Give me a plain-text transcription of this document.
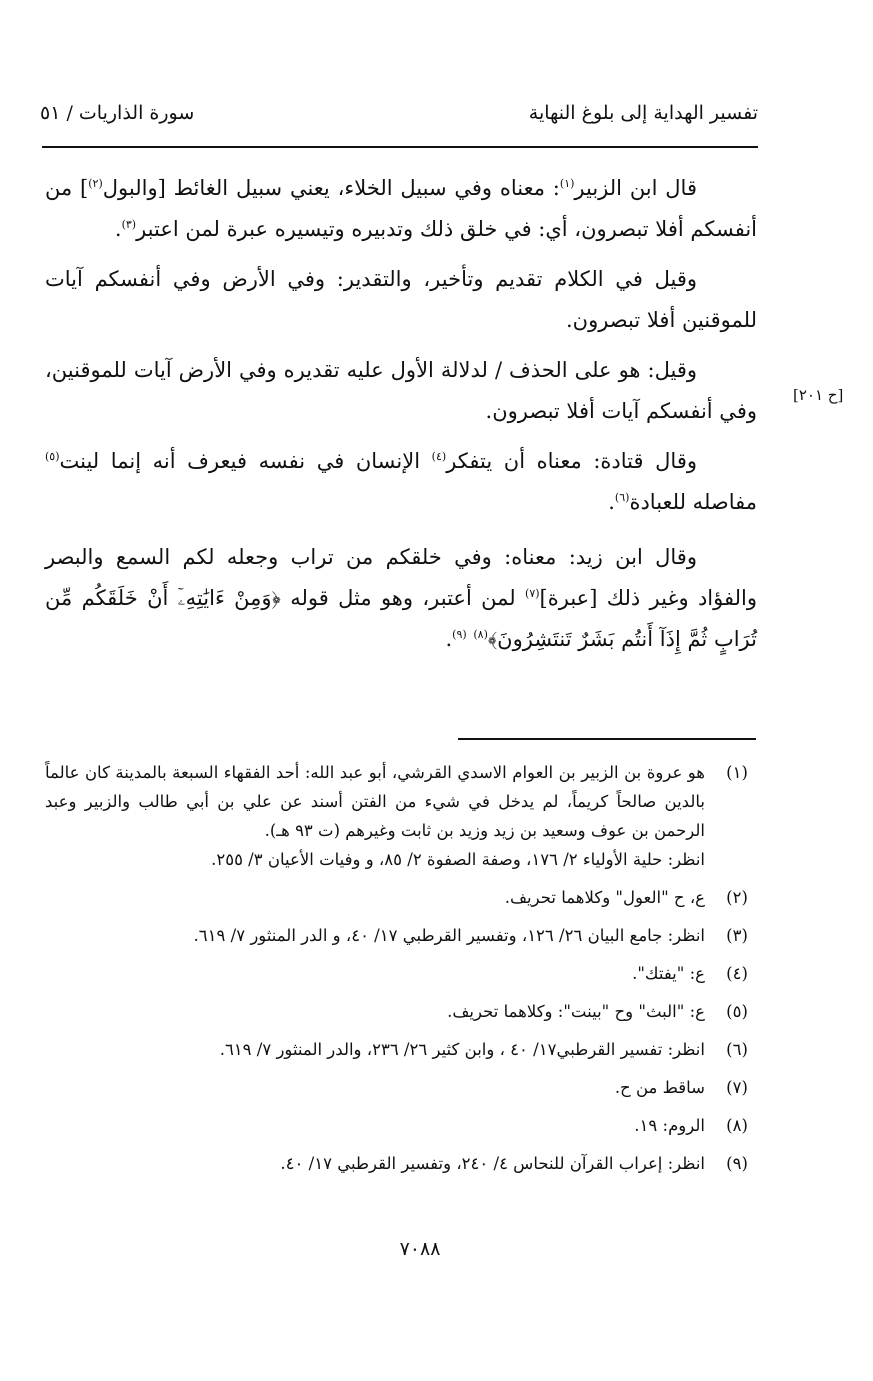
تفسير الهداية إلى بلوغ النهاية
سورة الذاريات / ٥١
[ح ٢٠١]

قال ابن الزبير$^{(١)}$: معناه وفي سبيل الخلاء، يعني سبيل الغائط [والبول$^{(٢)}$] من أنفسكم أفلا تبصرون، أي: في خلق ذلك وتدبيره وتيسيره عبرة لمن اعتبر$^{(٣)}$.

وقيل في الكلام تقديم وتأخير، والتقدير: وفي الأرض وفي أنفسكم آيات للموقنين أفلا تبصرون.

وقيل: هو على الحذف / لدلالة الأول عليه تقديره وفي الأرض آيات للموقنين، وفي أنفسكم آيات أفلا تبصرون.

وقال قتادة: معناه أن يتفكر$^{(٤)}$ الإنسان في نفسه فيعرف أنه إنما لينت$^{(٥)}$ مفاصله للعبادة$^{(٦)}$.

وقال ابن زيد: معناه: وفي خلقكم من تراب وجعله لكم السمع والبصر والفؤاد وغير ذلك [عبرة]$^{(٧)}$ لمن أعتبر، وهو مثل قوله ﴿وَمِنْ ءَايَٰتِهِۦٓ أَنْ خَلَقَكُم مِّن تُرَابٍ ثُمَّ إِذَآ أَنتُم بَشَرٌ تَنتَشِرُونَ﴾$^{(٨)}$ $^{(٩)}$.

(١)
هو عروة بن الزبير بن العوام الاسدي القرشي، أبو عبد الله: أحد الفقهاء السبعة بالمدينة كان عالماً بالدين صالحاً كريماً، لم يدخل في شيء من الفتن أسند عن علي بن أبي طالب والزبير وعبد الرحمن بن عوف وسعيد بن زيد وزيد بن ثابت وغيرهم (ت ٩٣ هـ).
انظر: حلية الأولياء ٢/ ١٧٦، وصفة الصفوة ٢/ ٨٥، و وفيات الأعيان ٣/ ٢٥٥.
(٢)
ع، ح "العول" وكلاهما تحريف.
(٣)
انظر: جامع البيان ٢٦/ ١٢٦، وتفسير القرطبي ١٧/ ٤٠، و الدر المنثور ٧/ ٦١٩.
(٤)
ع: "يفتك".
(٥)
ع: "البث" وح "بينت": وكلاهما تحريف.
(٦)
انظر: تفسير القرطبي١٧/ ٤٠ ، وابن كثير ٢٦/ ٢٣٦، والدر المنثور ٧/ ٦١٩.
(٧)
ساقط من ح.
(٨)
الروم: ١٩.
(٩)
انظر: إعراب القرآن للنحاس ٤/ ٢٤٠، وتفسير القرطبي ١٧/ ٤٠.
٧٠٨٨
